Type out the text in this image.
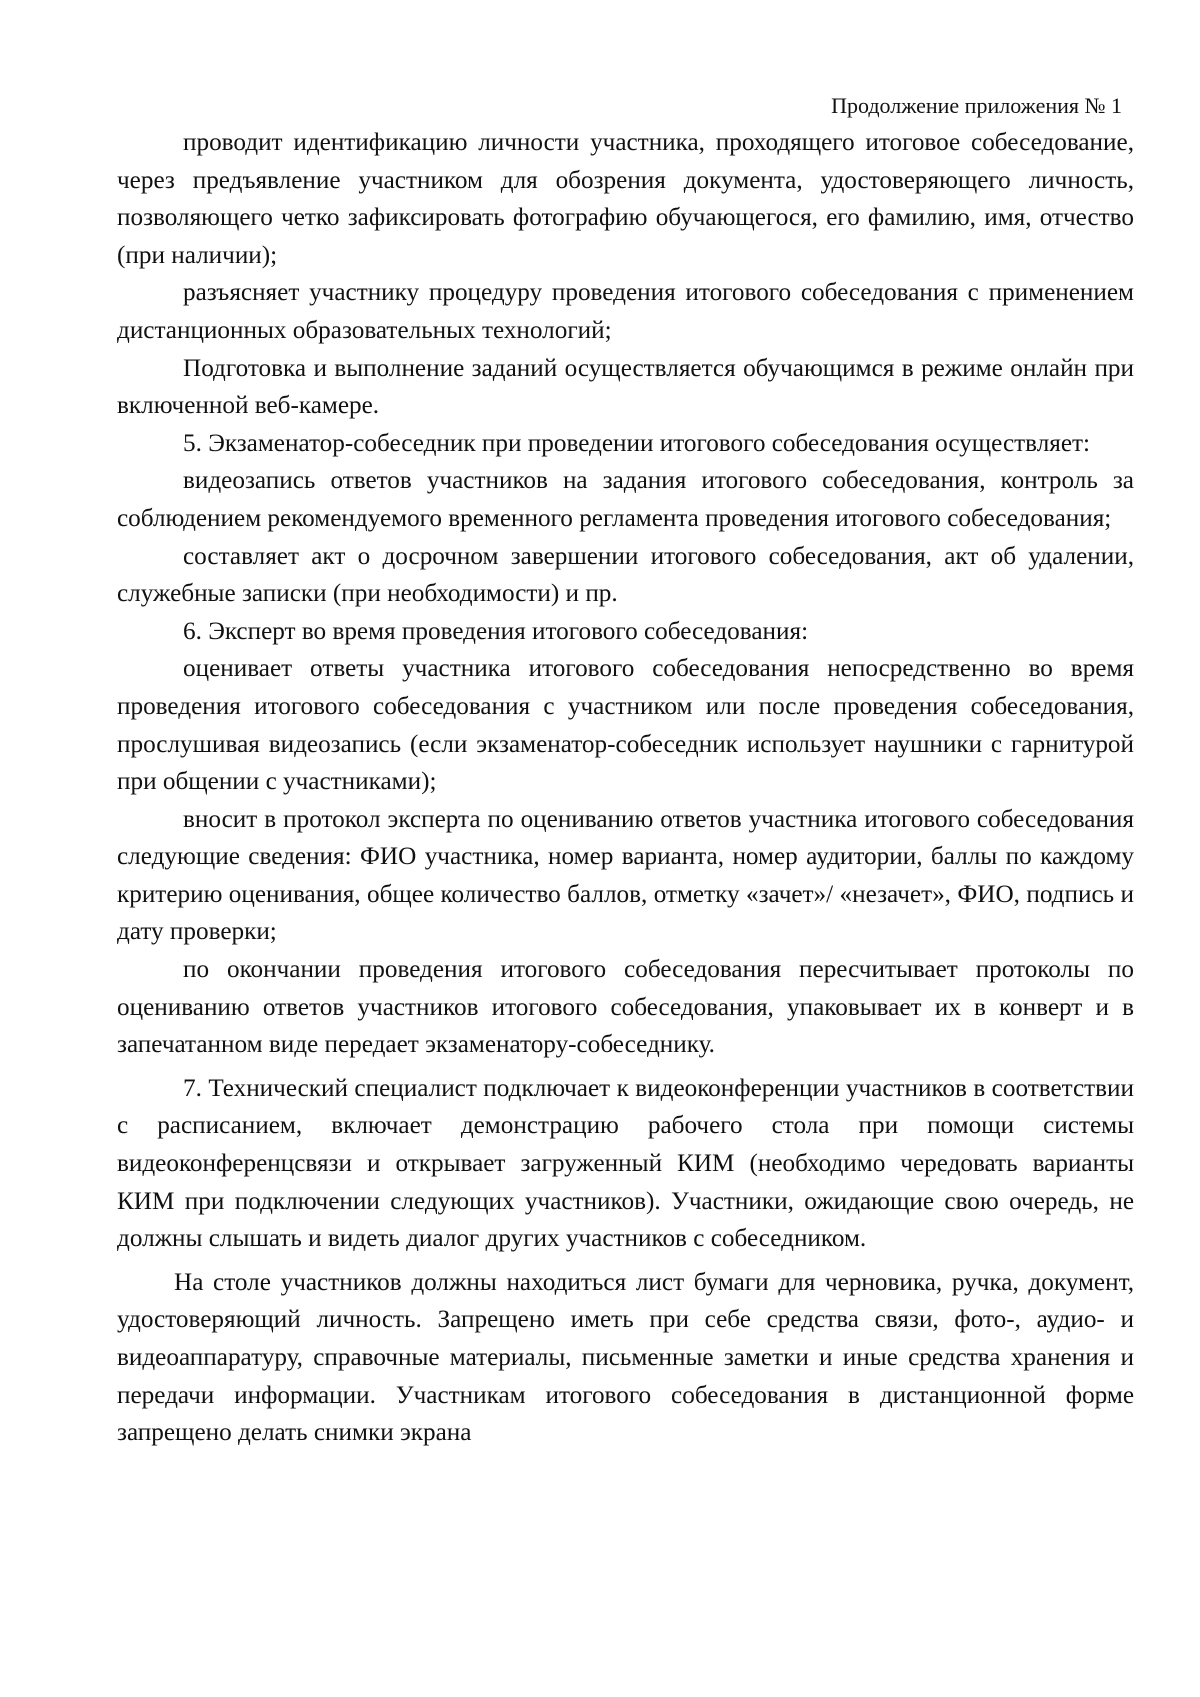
Продолжение приложения № 1

проводит идентификацию личности участника, проходящего итоговое собеседование, через предъявление участником для обозрения документа, удостоверяющего личность, позволяющего четко зафиксировать фотографию обучающегося, его фамилию, имя, отчество (при наличии);

разъясняет участнику процедуру проведения итогового собеседования с применением дистанционных образовательных технологий;

Подготовка и выполнение заданий осуществляется обучающимся в режиме онлайн при включенной веб-камере.

5. Экзаменатор-собеседник при проведении итогового собеседования осуществляет:

видеозапись ответов участников на задания итогового собеседования, контроль за соблюдением рекомендуемого временного регламента проведения итогового собеседования;

составляет акт о досрочном завершении итогового собеседования, акт об удалении, служебные записки (при необходимости) и пр.

6. Эксперт во время проведения итогового собеседования:

оценивает ответы участника итогового собеседования непосредственно во время проведения итогового собеседования с участником или после проведения собеседования, прослушивая видеозапись (если экзаменатор-собеседник использует наушники с гарнитурой при общении с участниками);

вносит в протокол эксперта по оцениванию ответов участника итогового собеседования следующие сведения: ФИО участника, номер варианта, номер аудитории, баллы по каждому критерию оценивания, общее количество баллов, отметку «зачет»/ «незачет», ФИО, подпись и дату проверки;

по окончании проведения итогового собеседования пересчитывает протоколы по оцениванию ответов участников итогового собеседования, упаковывает их в конверт и в запечатанном виде передает экзаменатору-собеседнику.

7. Технический специалист подключает к видеоконференции участников в соответствии с расписанием, включает демонстрацию рабочего стола при помощи системы видеоконференцсвязи и открывает загруженный КИМ (необходимо чередовать варианты КИМ при подключении следующих участников). Участники, ожидающие свою очередь, не должны слышать и видеть диалог других участников с собеседником.

На столе участников должны находиться лист бумаги для черновика, ручка, документ, удостоверяющий личность. Запрещено иметь при себе средства связи, фото-, аудио- и видеоаппаратуру, справочные материалы, письменные заметки и иные средства хранения и передачи информации. Участникам итогового собеседования в дистанционной форме запрещено делать снимки экрана
